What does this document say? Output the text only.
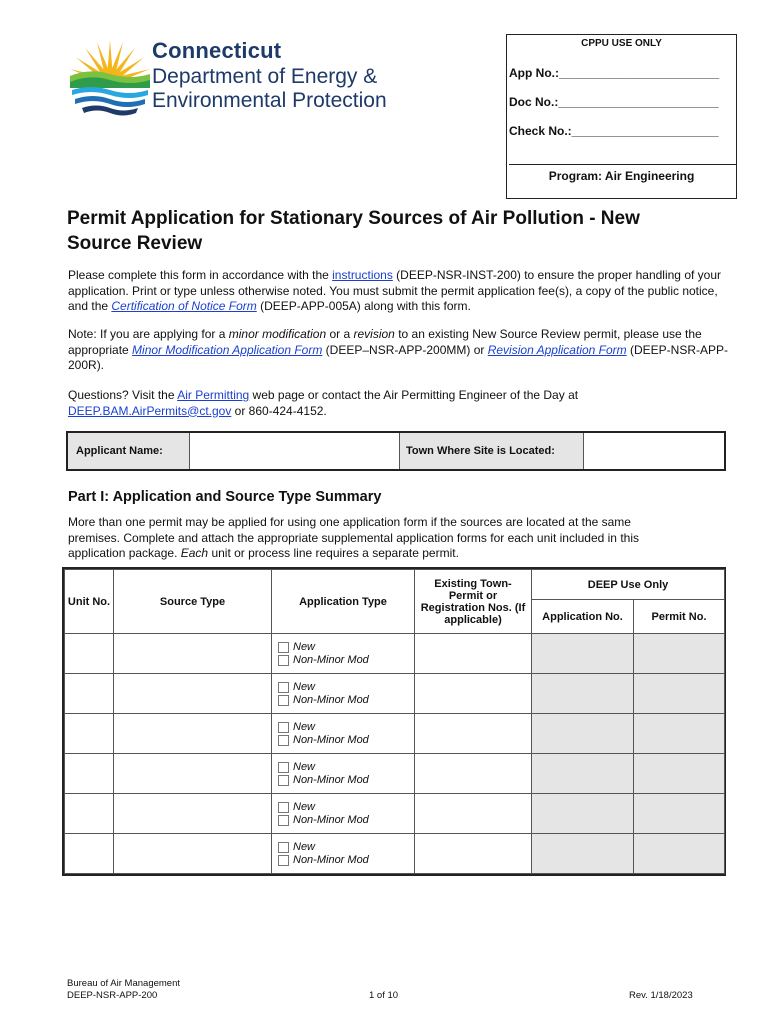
Connecticut
Department of Energy &
Environmental Protection
CPPU USE ONLY
App No.:________________________
Doc No.:________________________
Check No.:______________________
Program: Air Engineering
Permit Application for Stationary Sources of Air Pollution - New Source Review
Please complete this form in accordance with the instructions (DEEP-NSR-INST-200) to ensure the proper handling of your application. Print or type unless otherwise noted. You must submit the permit application fee(s), a copy of the public notice, and the Certification of Notice Form (DEEP-APP-005A) along with this form.
Note: If you are applying for a minor modification or a revision to an existing New Source Review permit, please use the appropriate Minor Modification Application Form (DEEP–NSR-APP-200MM) or Revision Application Form (DEEP-NSR-APP-200R).
Questions? Visit the Air Permitting web page or contact the Air Permitting Engineer of the Day at DEEP.BAM.AirPermits@ct.gov or 860-424-4152.
Applicant Name:	Town Where Site is Located:
Part I: Application and Source Type Summary
More than one permit may be applied for using one application form if the sources are located at the same premises. Complete and attach the appropriate supplemental application forms for each unit included in this application package. Each unit or process line requires a separate permit.
Unit No.	Source Type	Application Type	Existing Town-Permit or Registration Nos. (If applicable)	DEEP Use Only	
				Application No.	Permit No.

		New
Non-Minor Mod			

		New
Non-Minor Mod			

		New
Non-Minor Mod			

		New
Non-Minor Mod			

		New
Non-Minor Mod			

		New
Non-Minor Mod			

Bureau of Air Management
DEEP-NSR-APP-200	1 of 10	Rev. 1/18/2023
